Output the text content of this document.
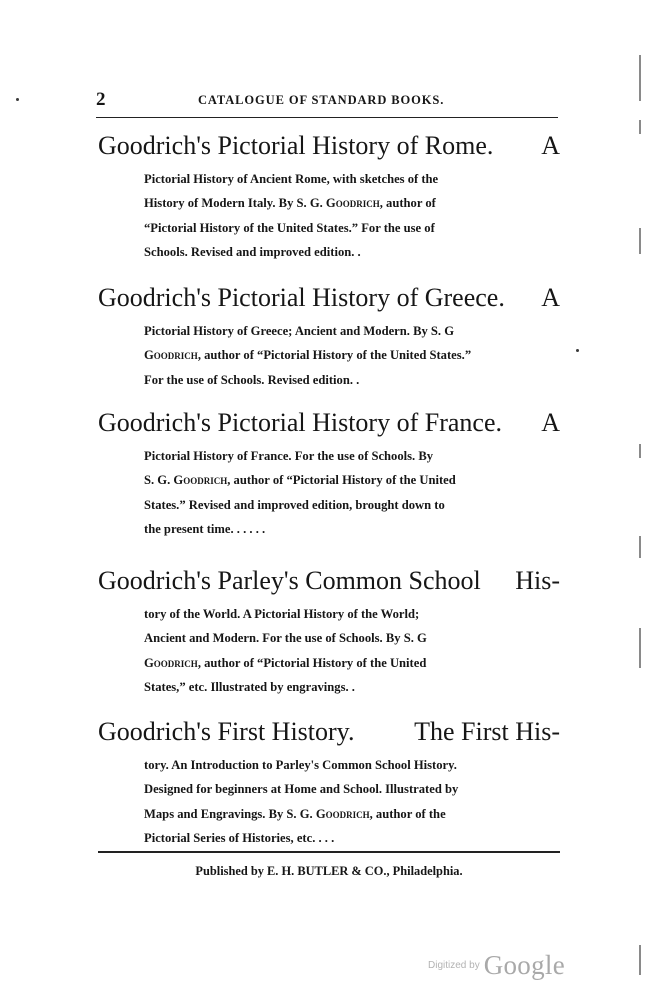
2	CATALOGUE OF STANDARD BOOKS.
Goodrich's Pictorial History of Rome. A
Pictorial History of Ancient Rome, with sketches of the
History of Modern Italy. By S. G. Goodrich, author of
“Pictorial History of the United States.” For the use of
Schools. Revised and improved edition. .
Goodrich's Pictorial History of Greece. A
Pictorial History of Greece; Ancient and Modern. By S. G
Goodrich, author of “Pictorial History of the United States.”
For the use of Schools. Revised edition. .
Goodrich's Pictorial History of France. A
Pictorial History of France. For the use of Schools. By
S. G. Goodrich, author of “Pictorial History of the United
States.” Revised and improved edition, brought down to
the present time. . . . . .
Goodrich's Parley's Common School His-
tory of the World. A Pictorial History of the World;
Ancient and Modern. For the use of Schools. By S. G
Goodrich, author of “Pictorial History of the United
States,” etc. Illustrated by engravings. .
Goodrich's First History. The First His-
tory. An Introduction to Parley's Common School History.
Designed for beginners at Home and School. Illustrated by
Maps and Engravings. By S. G. Goodrich, author of the
Pictorial Series of Histories, etc. . . .
Published by E. H. BUTLER & CO., Philadelphia.
Digitized by Google
